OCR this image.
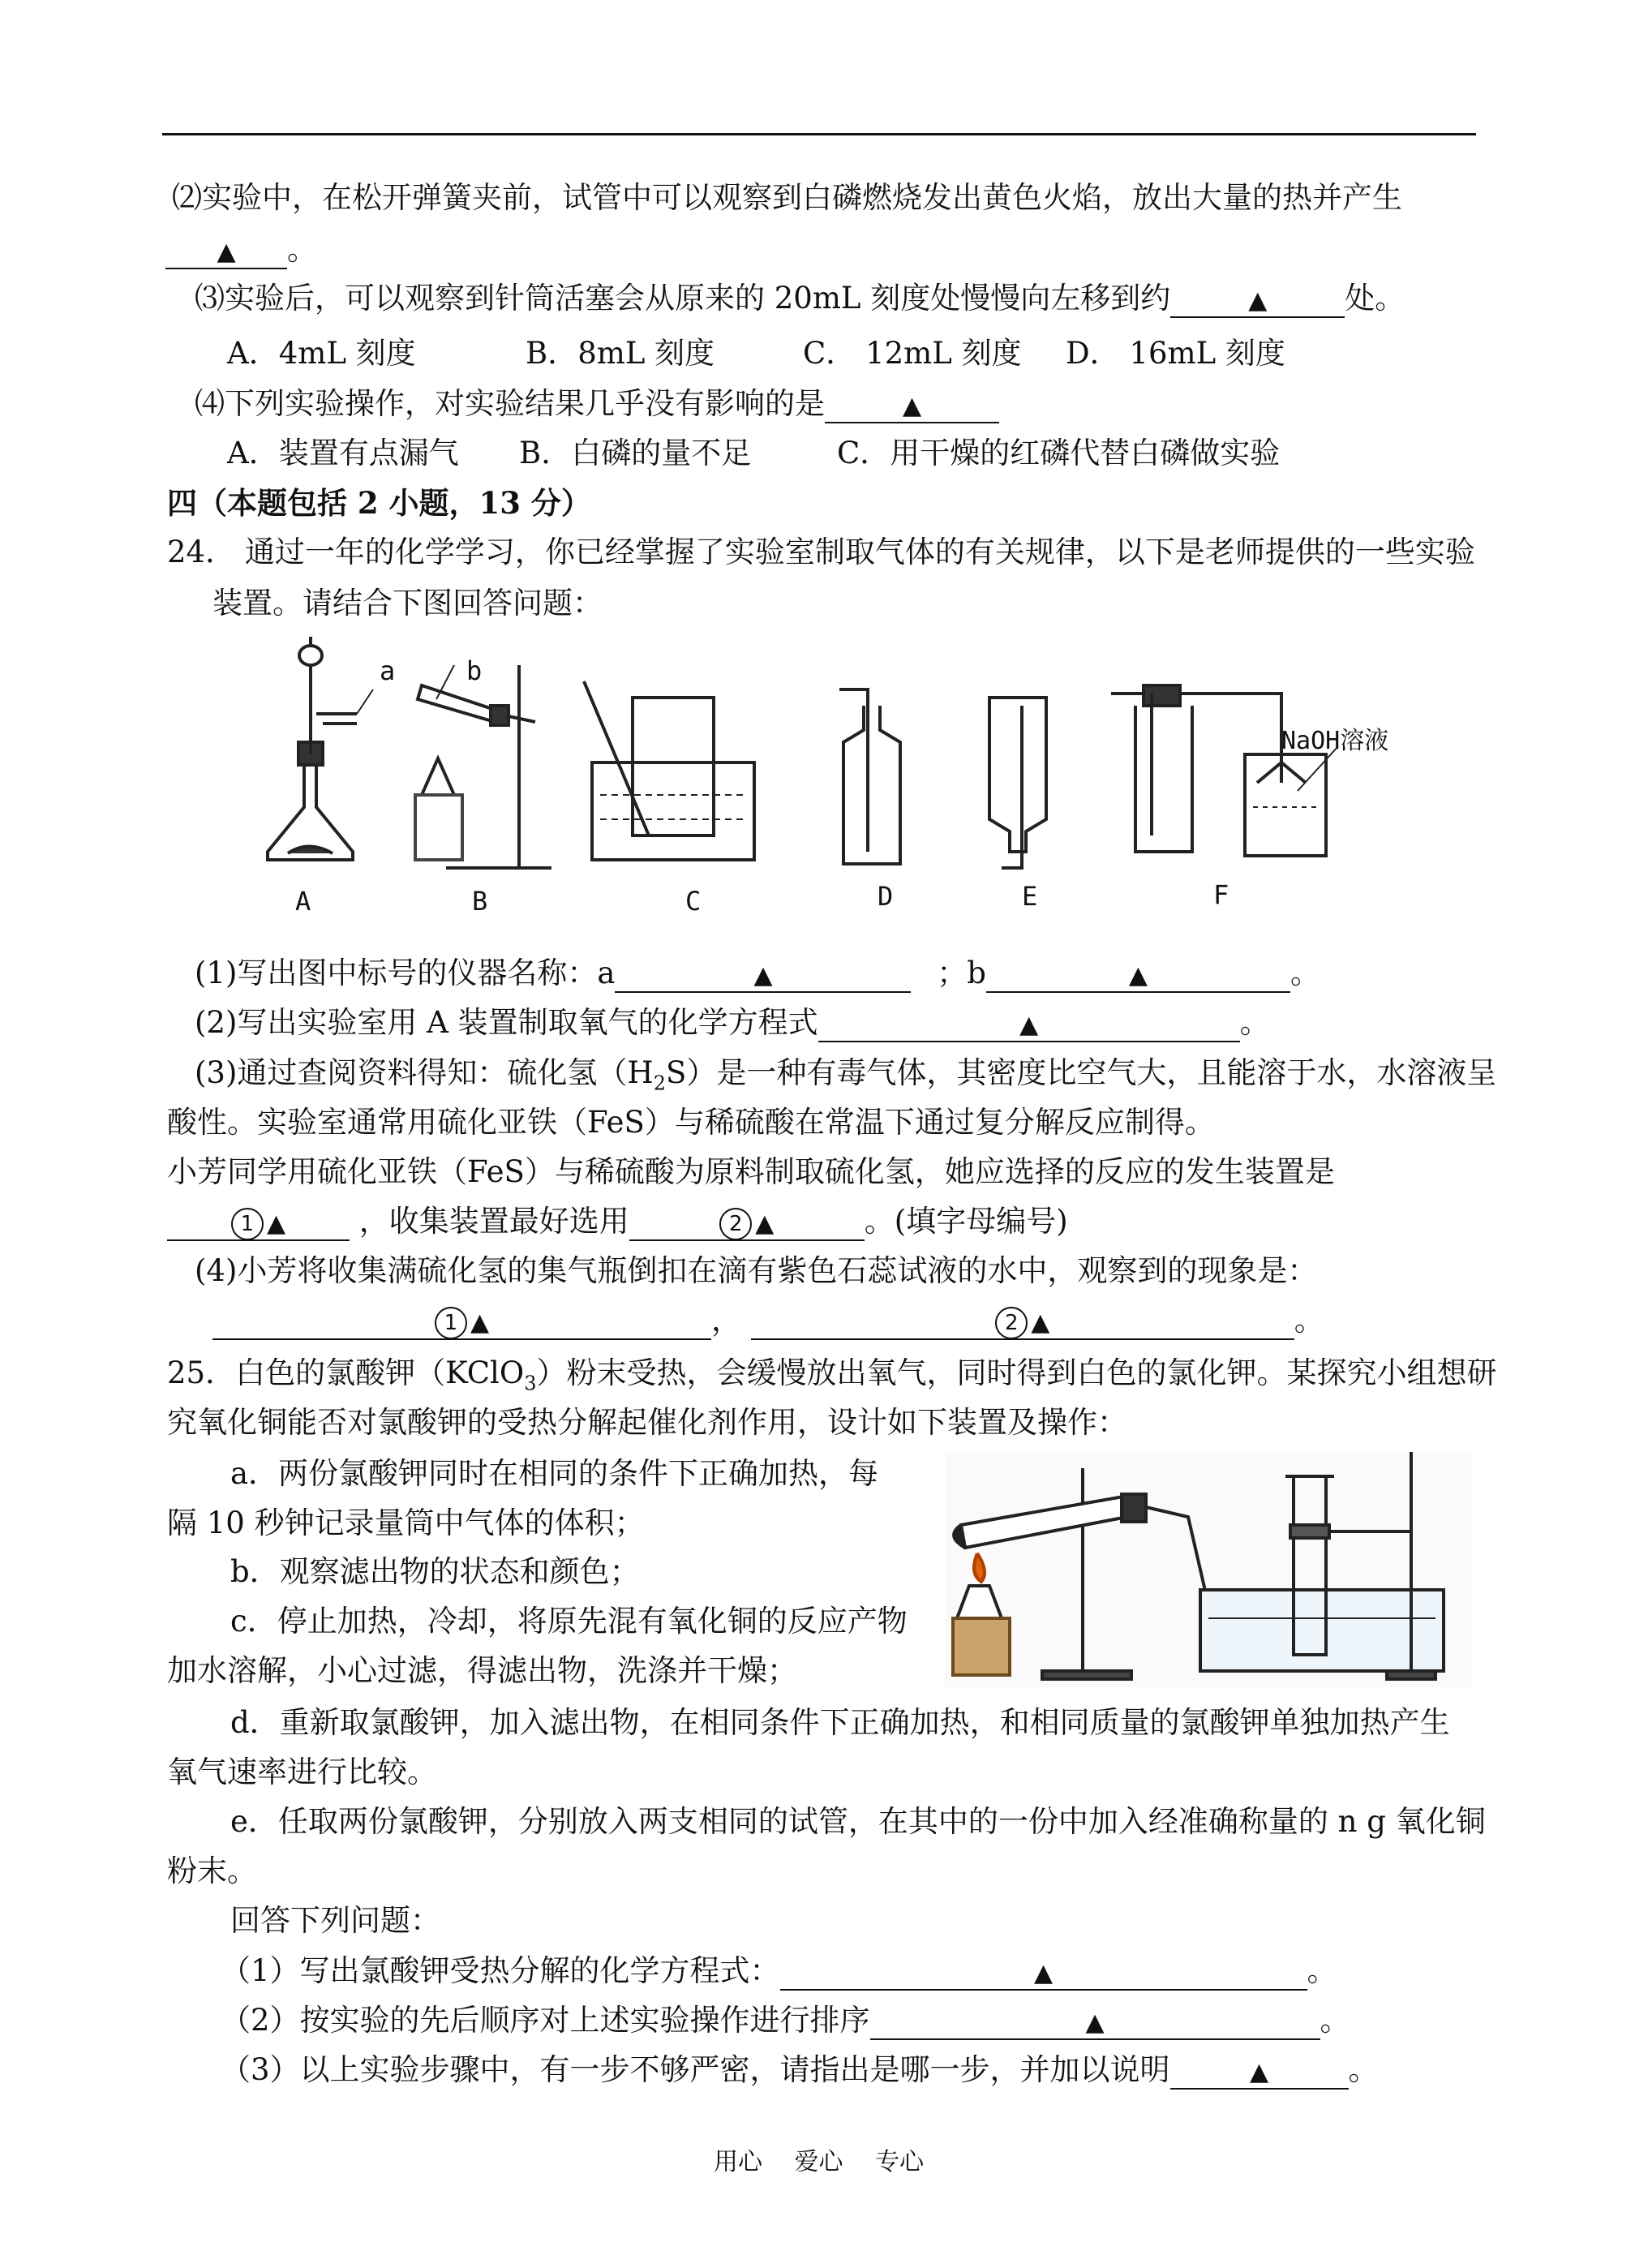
⑵实验中，在松开弹簧夹前，试管中可以观察到白磷燃烧发出黄色火焰，放出大量的热并产生
▲ 。
⑶实验后，可以观察到针筒活塞会从原来的 20mL 刻度处慢慢向左移到约	▲	处。
A．4mL 刻度	B．8mL 刻度	C． 12mL 刻度 D． 16mL 刻度
⑷下列实验操作，对实验结果几乎没有影响的是	▲
A．装置有点漏气 B．白磷的量不足	C．用干燥的红磷代替白磷做实验
四（本题包括 2 小题，13 分）
24． 通过一年的化学学习，你已经掌握了实验室制取气体的有关规律，以下是老师提供的一些实验
装置。请结合下图回答问题：
a	b
NaOH溶液
A	B	C	D	E	F
(1)写出图中标号的仪器名称：a	▲	；b	▲	。
(2)写出实验室用 A 装置制取氧气的化学方程式	▲	。
(3)通过查阅资料得知：硫化氢$(H_2S)$是一种有毒气体，其密度比空气大，且能溶于水，水溶液呈
酸性。实验室通常用硫化亚铁（FeS）与稀硫酸在常温下通过复分解反应制得。
小芳同学用硫化亚铁（FeS）与稀硫酸为原料制取硫化氢，她应选择的反应的发生装置是
1 ▲ ，收集装置最好选用	2 ▲	。(填字母编号)
(4)小芳将收集满硫化氢的集气瓶倒扣在滴有紫色石蕊试液的水中，观察到的现象是：
1 ▲	，	2 ▲	。
25．白色的氯酸钾（KClO$_3$）粉末受热，会缓慢放出氧气，同时得到白色的氯化钾。某探究小组想研
究氧化铜能否对氯酸钾的受热分解起催化剂作用，设计如下装置及操作：
a．两份氯酸钾同时在相同的条件下正确加热，每
隔 10 秒钟记录量筒中气体的体积；
b．观察滤出物的状态和颜色；
c．停止加热，冷却，将原先混有氧化铜的反应产物
加水溶解，小心过滤，得滤出物，洗涤并干燥；
d．重新取氯酸钾，加入滤出物，在相同条件下正确加热，和相同质量的氯酸钾单独加热产生
氧气速率进行比较。
e．任取两份氯酸钾，分别放入两支相同的试管，在其中的一份中加入经准确称量的 n g 氧化铜
粉末。
回答下列问题：
（1）写出氯酸钾受热分解的化学方程式：	▲	。
（2）按实验的先后顺序对上述实验操作进行排序	▲	。
（3）以上实验步骤中，有一步不够严密，请指出是哪一步，并加以说明	▲	。
用心 爱心 专心
